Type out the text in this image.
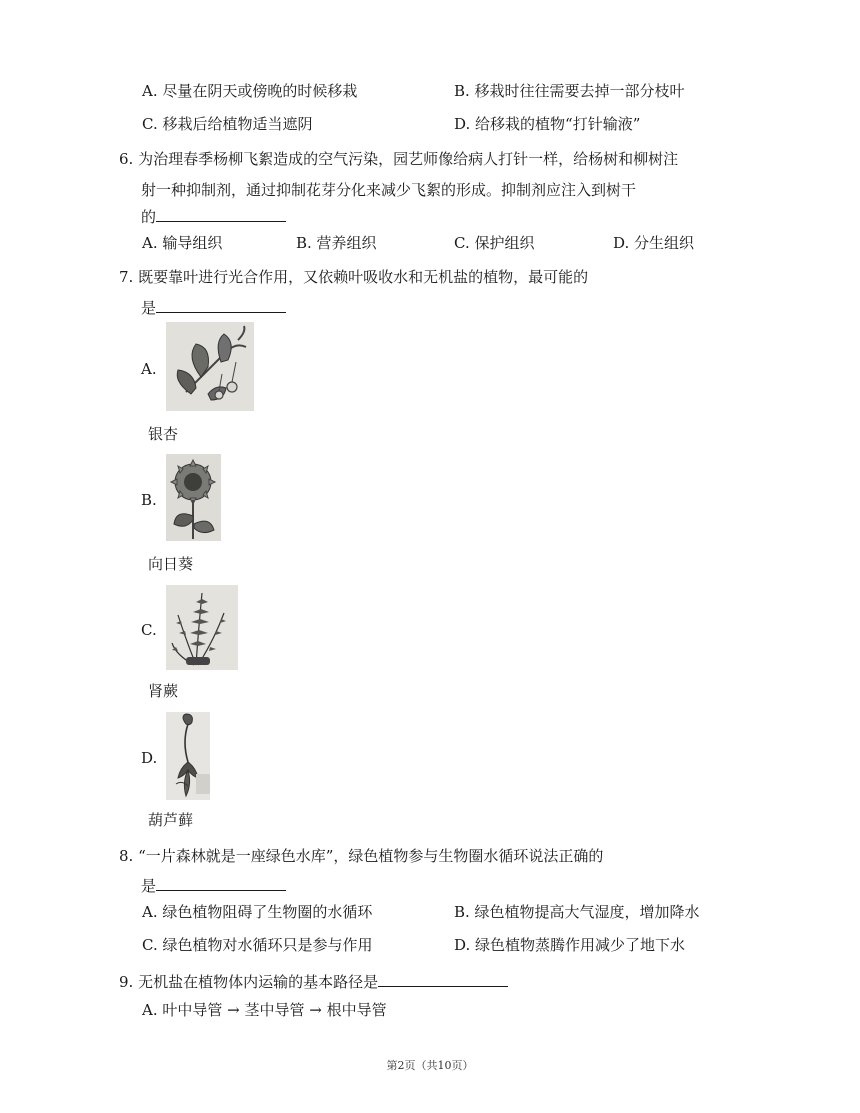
A. 尽量在阴天或傍晚的时候移栽	B. 移栽时往往需要去掉一部分枝叶
C. 移栽后给植物适当遮阴	D. 给移栽的植物“打针输液”
6. 为治理春季杨柳飞絮造成的空气污染，园艺师像给病人打针一样，给杨树和柳树注
射一种抑制剂，通过抑制花芽分化来减少飞絮的形成。抑制剂应注入到树干
的
A. 输导组织	B. 营养组织	C. 保护组织	D. 分生组织
7. 既要靠叶进行光合作用，又依赖叶吸收水和无机盐的植物，最可能的
是
A.
银杏
B.
向日葵
C.
肾蕨
D.
葫芦藓
8. “一片森林就是一座绿色水库”，绿色植物参与生物圈水循环说法正确的
是
A. 绿色植物阻碍了生物圈的水循环	B. 绿色植物提高大气湿度，增加降水
C. 绿色植物对水循环只是参与作用	D. 绿色植物蒸腾作用减少了地下水
9. 无机盐在植物体内运输的基本路径是
A. 叶中导管 → 茎中导管 → 根中导管
第2页（共10页）
